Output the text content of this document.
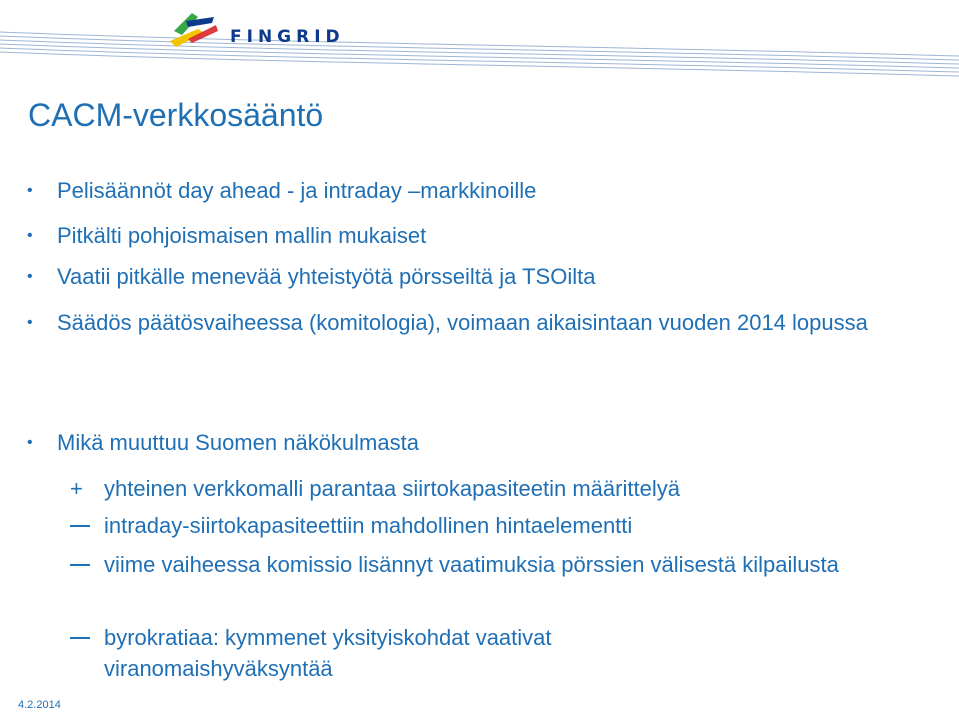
FINGRID
CACM-verkkosääntö
• Pelisäännöt day ahead - ja intraday –markkinoille
• Pitkälti pohjoismaisen mallin mukaiset
• Vaatii pitkälle menevää yhteistyötä pörsseiltä ja TSOilta
• Säädös päätösvaiheessa (komitologia), voimaan aikaisintaan vuoden 2014 lopussa
• Mikä muuttuu Suomen näkökulmasta
+ yhteinen verkkomalli parantaa siirtokapasiteetin määrittelyä
intraday-siirtokapasiteettiin mahdollinen hintaelementti
viime vaiheessa komissio lisännyt vaatimuksia pörssien välisestä kilpailusta
byrokratiaa: kymmenet yksityiskohdat vaativat viranomaishyväksyntää
4.2.2014
